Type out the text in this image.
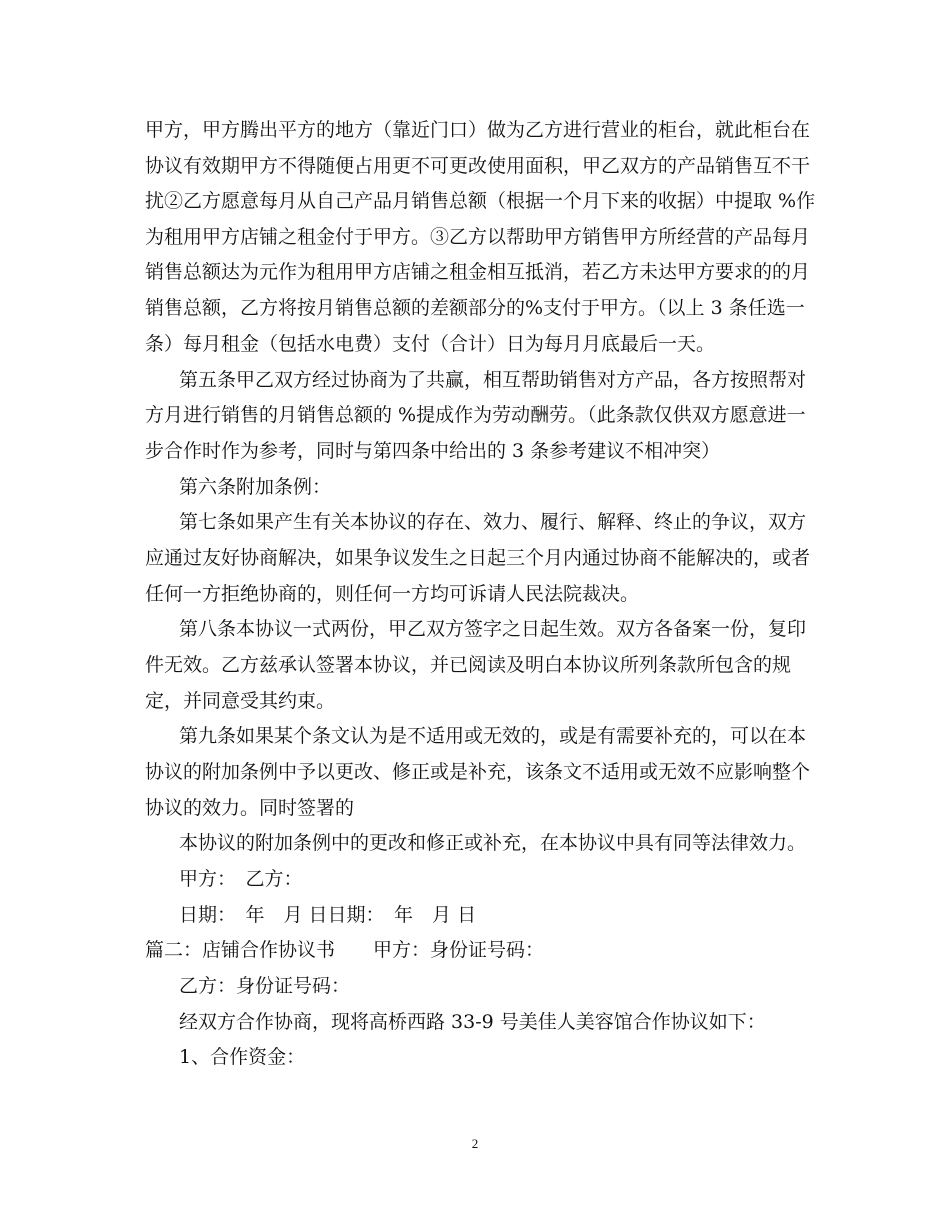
甲方，甲方腾出平方的地方（靠近门口）做为乙方进行营业的柜台，就此柜台在
协议有效期甲方不得随便占用更不可更改使用面积，甲乙双方的产品销售互不干
扰②乙方愿意每月从自己产品月销售总额（根据一个月下来的收据）中提取 %作
为租用甲方店铺之租金付于甲方。③乙方以帮助甲方销售甲方所经营的产品每月
销售总额达为元作为租用甲方店铺之租金相互抵消，若乙方未达甲方要求的的月
销售总额，乙方将按月销售总额的差额部分的%支付于甲方。（以上 3 条任选一
条）每月租金（包括水电费）支付（合计）日为每月月底最后一天。
第五条甲乙双方经过协商为了共赢，相互帮助销售对方产品，各方按照帮对
方月进行销售的月销售总额的 %提成作为劳动酬劳。（此条款仅供双方愿意进一
步合作时作为参考，同时与第四条中给出的 3 条参考建议不相冲突）
第六条附加条例：
第七条如果产生有关本协议的存在、效力、履行、解释、终止的争议，双方
应通过友好协商解决，如果争议发生之日起三个月内通过协商不能解决的，或者
任何一方拒绝协商的，则任何一方均可诉请人民法院裁决。
第八条本协议一式两份，甲乙双方签字之日起生效。双方各备案一份，复印
件无效。乙方兹承认签署本协议，并已阅读及明白本协议所列条款所包含的规
定，并同意受其约束。
第九条如果某个条文认为是不适用或无效的，或是有需要补充的，可以在本
协议的附加条例中予以更改、修正或是补充，该条文不适用或无效不应影响整个
协议的效力。同时签署的
本协议的附加条例中的更改和修正或补充，在本协议中具有同等法律效力。
甲方：　乙方：
日期：　年　月 日日期：　年　月 日
篇二：店铺合作协议书　　甲方：身份证号码：
乙方：身份证号码：
经双方合作协商，现将高桥西路 33-9 号美佳人美容馆合作协议如下：
1、合作资金：
2
